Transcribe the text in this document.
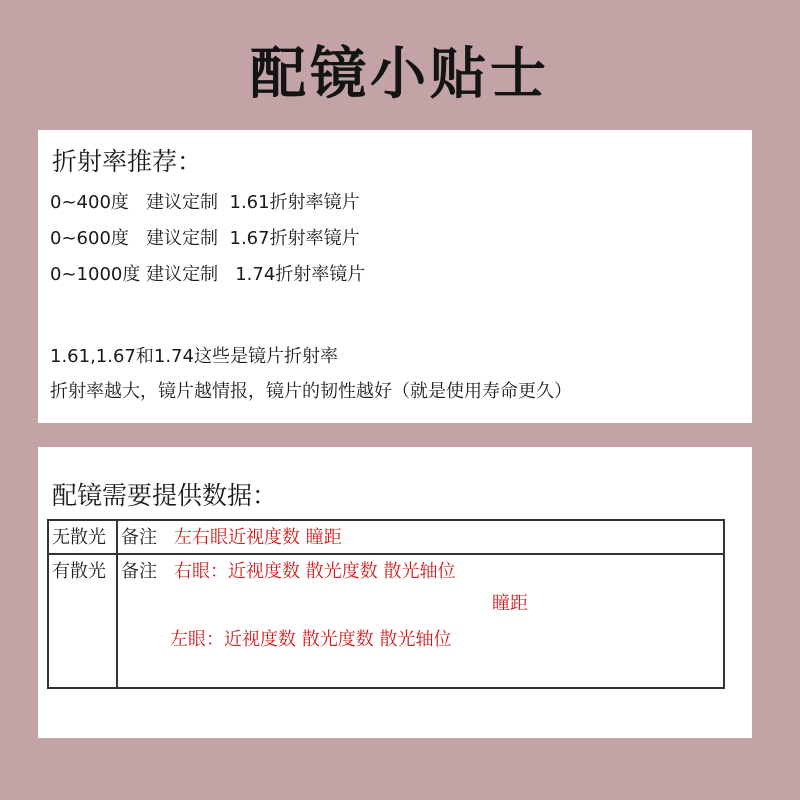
配镜小贴士
折射率推荐：
0~400度   建议定制  1.61折射率镜片
0~600度   建议定制  1.67折射率镜片
0~1000度 建议定制   1.74折射率镜片
1.61,1.67和1.74这些是镜片折射率
折射率越大，镜片越情报，镜片的韧性越好（就是使用寿命更久）
配镜需要提供数据：
无散光	备注 左右眼近视度数 瞳距

有散光	备注 右眼：近视度数 散光度数 散光轴位
瞳距
左眼：近视度数 散光度数 散光轴位
